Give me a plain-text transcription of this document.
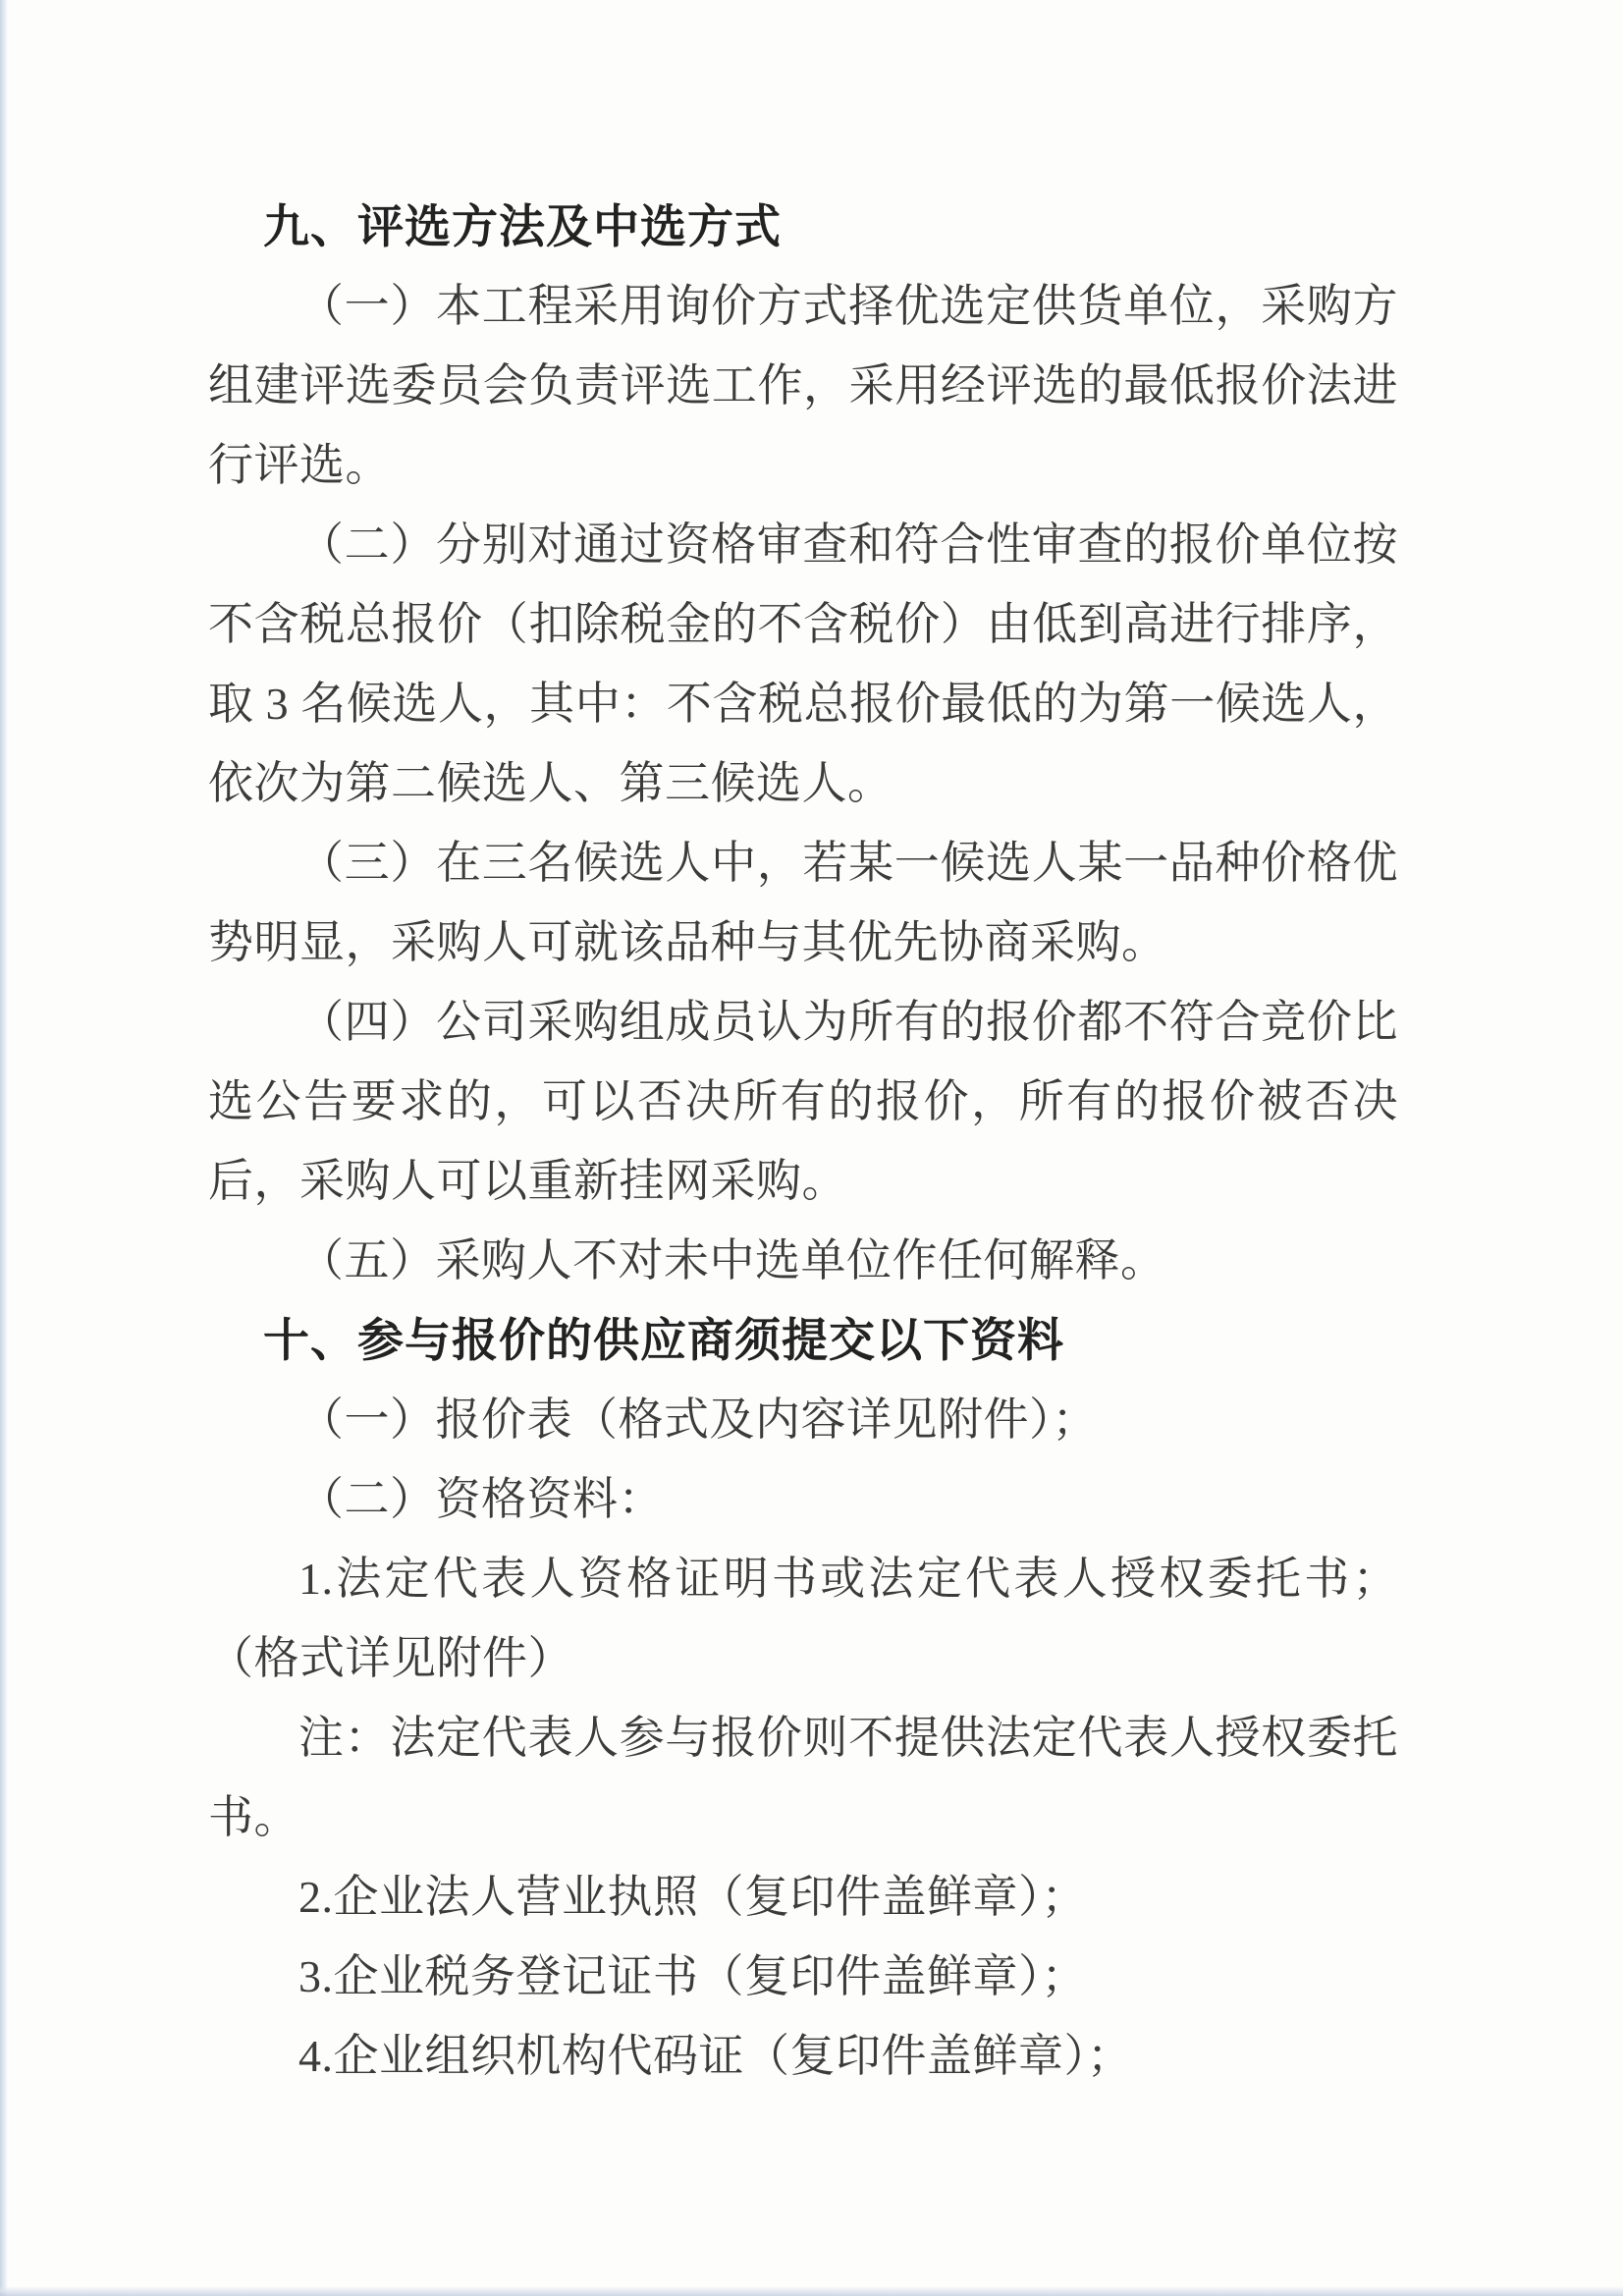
九、评选方法及中选方式

（一）本工程采用询价方式择优选定供货单位，采购方组建评选委员会负责评选工作，采用经评选的最低报价法进行评选。

（二）分别对通过资格审查和符合性审查的报价单位按不含税总报价（扣除税金的不含税价）由低到高进行排序，取 3 名候选人，其中：不含税总报价最低的为第一候选人，依次为第二候选人、第三候选人。

（三）在三名候选人中，若某一候选人某一品种价格优势明显，采购人可就该品种与其优先协商采购。

（四）公司采购组成员认为所有的报价都不符合竞价比选公告要求的，可以否决所有的报价，所有的报价被否决后，采购人可以重新挂网采购。

（五）采购人不对未中选单位作任何解释。

十、参与报价的供应商须提交以下资料

（一）报价表（格式及内容详见附件）；

（二）资格资料：

1.法定代表人资格证明书或法定代表人授权委托书；（格式详见附件）

注：法定代表人参与报价则不提供法定代表人授权委托书。

2.企业法人营业执照（复印件盖鲜章）；

3.企业税务登记证书（复印件盖鲜章）；

4.企业组织机构代码证（复印件盖鲜章）；
